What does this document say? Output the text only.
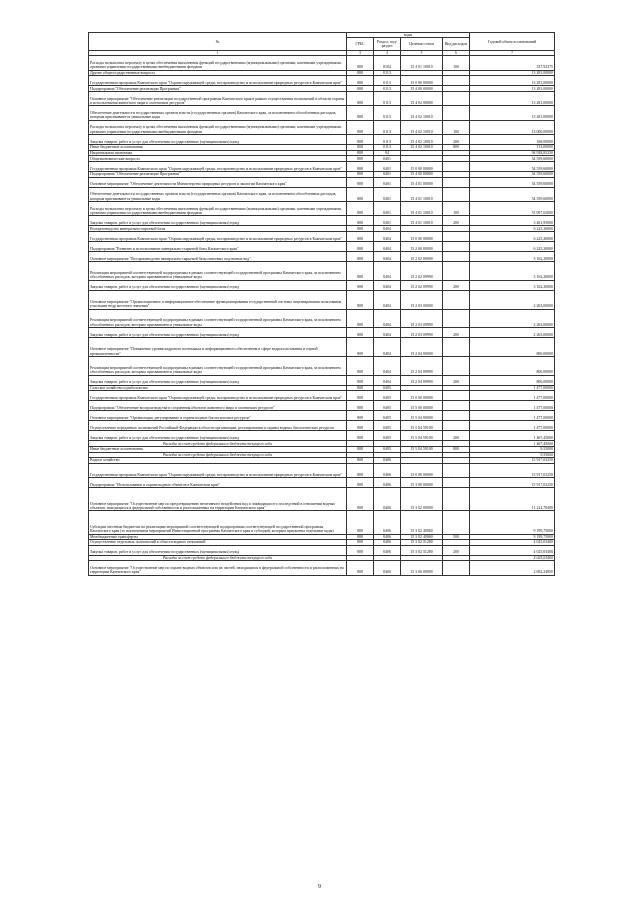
№	коды				Годовой объем ассигнований
	ГРБС	Раздел, под-раздел	Целевая статья	Вид расходов	
1	3	4	5	6	7
Расходы на выплаты персоналу в целях обеспечения выполнения функций государственными (муниципальными) органами, казенными учреждениями, органами управления государственными внебюджетными фондами	808	0104	15 4 01 10010	100	337,92375
Другие общегосударственные вопросы	808	0113			13 281,00000
Государственная программа Камчатского края "Охрана окружающей среды, воспроизводство и использование природных ресурсов в Камчатском крае"	808	0113	15 0 00 00000		13 281,00000
Подпрограмма "Обеспечение реализации Программы"	808	0113	15 4 00 00000		13 281,00000
Основное мероприятие "Обеспечение реализации государственной программы Камчатского края в рамках осуществления полномочий в области охраны и использования животного мира и охотничьих ресурсов"	808	0113	15 4 02 00000		13 281,00000
Обеспечение деятельности государственных органов власти (государственных органов) Камчатского края, за исключением обособленных расходов, которым присваиваются уникальные коды	808	0113	15 4 02 10010		13 281,00000
Расходы на выплаты персоналу в целях обеспечения выполнения функций государственными (муниципальными) органами, казенными учреждениями, органами управления государственными внебюджетными фондами	808	0113	15 4 02 10010	100	13 000,00000
Закупка товаров, работ и услуг для обеспечения государственных (муниципальных) нужд	808	0113	15 4 02 10010	200	168,00000
Иные бюджетные ассигнования	808	0113	15 4 02 10010	800	113,00000
Национальная экономика	808	04			94 928,85250
Общеэкономические вопросы	808	0401			54 559,60000
Государственная программа Камчатского края "Охрана окружающей среды, воспроизводство и использование природных ресурсов в Камчатском крае"	808	0401	15 0 00 00000		54 559,60000
Подпрограмма "Обеспечение реализации Программы"	808	0401	15 4 00 00000		54 559,60000
Основное мероприятие "Обеспечение деятельности Министерства природных ресурсов и экологии Камчатского края"	808	0401	15 4 01 00000		54 559,60000
Обеспечение деятельности государственных органов власти (государственных органов) Камчатского края, за исключением обособленных расходов, которым присваиваются уникальные коды	808	0401	15 4 01 10010		54 559,60000
Расходы на выплаты персоналу в целях обеспечения выполнения функций государственными (муниципальными) органами, казенными учреждениями, органами управления государственными внебюджетными фондами	808	0401	15 4 01 10010	100	51 097,65000
Закупка товаров, работ и услуг для обеспечения государственных (муниципальных) нужд	808	0401	15 4 01 10010	200	3 461,95000
Воспроизводство минерально-сырьевой базы	808	0404			6 225,20000
Государственная программа Камчатского края "Охрана окружающей среды, воспроизводство и использование природных ресурсов в Камчатском крае"	808	0404	15 0 00 00000		6 225,20000
Подпрограмма "Развитие и использование минерально-сырьевой базы Камчатского края"	808	0404	15 2 00 00000		6 225,20000
Основное мероприятие "Воспроизводство минерально-сырьевой базы питьевых подземных вод"	808	0404	15 2 02 00000		3 162,20000
Реализация мероприятий соответствующей подпрограммы в рамках соответствующей государственной программы Камчатского края, за исключением обособленных расходов, которым присваиваются уникальные коды	808	0404	15 2 02 09990		3 162,20000
Закупка товаров, работ и услуг для обеспечения государственных (муниципальных) нужд	808	0404	15 2 02 09990	200	3 162,20000
Основное мероприятие "Организационное и информационное обеспечение функционирования государственной системы лицензирования пользования участками недр местного значения"	808	0404	15 2 03 00000		2 263,00000
Реализация мероприятий соответствующей подпрограммы в рамках соответствующей государственной программы Камчатского края, за исключением обособленных расходов, которым присваиваются уникальные коды	808	0404	15 2 03 09990		2 263,00000
Закупка товаров, работ и услуг для обеспечения государственных (муниципальных) нужд	808	0404	15 2 03 09990	200	2 263,00000
Основное мероприятие "Повышение уровня кадрового потенциала и информационного обеспечения в сфере недропользования и горной промышленности"	808	0404	15 2 04 00000		800,00000
Реализация мероприятий соответствующей подпрограммы в рамках соответствующей государственной программы Камчатского края, за исключением обособленных расходов, которым присваиваются уникальные коды	808	0404	15 2 04 09990		800,00000
Закупка товаров, работ и услуг для обеспечения государственных (муниципальных) нужд	808	0404	15 2 04 09990	200	800,00000
Сельское хозяйство и рыболовство	808	0405			1 477,00000
Государственная программа Камчатского края "Охрана окружающей среды, воспроизводство и использование природных ресурсов в Камчатском крае"	808	0405	15 0 00 00000		1 477,00000
Подпрограмма "Обеспечение воспроизводства и сохранения объектов животного мира и охотничьих ресурсов"	808	0405	15 5 00 00000		1 477,00000
Основное мероприятие "Организация, регулирование и охрана водных биологических ресурсов"	808	0405	15 5 04 00000		1 477,00000
Осуществление переданных полномочий Российской Федерации в области организации, регулирования и охраны водных биологических ресурсов	808	0405	15 5 04 59100		1 477,00000
Закупка товаров, работ и услуг для обеспечения государственных (муниципальных) нужд	808	0405	15 5 04 59100	200	1 467,45000
Расходы за счет средств федерального бюджета текущего года					1 467,45000
Иные бюджетные ассигнования	808	0405	15 5 04 59100	800	9,55000
Расходы за счет средств федерального бюджета текущего года					9,55000
Водное хозяйство	808	0406			15 917,03250
Государственная программа Камчатского края "Охрана окружающей среды, воспроизводство и использование природных ресурсов в Камчатском крае"	808	0406	15 0 00 00000		15 917,03250
Подпрограмма "Использование и охрана водных объектов в Камчатском крае"	808	0406	15 3 00 00000		15 917,03250
Основное мероприятие "Осуществление мер по предотвращению негативного воздействия вод и ликвидации его последствий в отношении водных объектов, находящихся в федеральной собственности и расположенных на территории Камчатского края"	808	0406	15 3 02 00000		11 224,78400
Субсидии местным бюджетам на реализацию мероприятий соответствующей подпрограммы соответствующей государственной программы Камчатского края (за исключением мероприятий Инвестиционной программы Камчатского края и субсидий, которым присвоены отдельные коды)	808	0406	15 3 02 40060		9 199,75000
Межбюджетные трансферты	808	0406	15 3 02 40060	500	9 199,75000
Осуществление отдельных полномочий в области водных отношений	808	0406	15 3 02 51280		4 025,03400
Закупка товаров, работ и услуг для обеспечения государственных (муниципальных) нужд	808	0406	15 3 02 51280	200	4 025,03400
Расходы за счет средств федерального бюджета текущего года					4 025,03400
Основное мероприятие "Осуществление мер по охране водных объектов или их частей, находящихся в федеральной собственности и расположенных на территории Камчатского края"	808	0406	15 3 06 00000		2 692,24850
9
